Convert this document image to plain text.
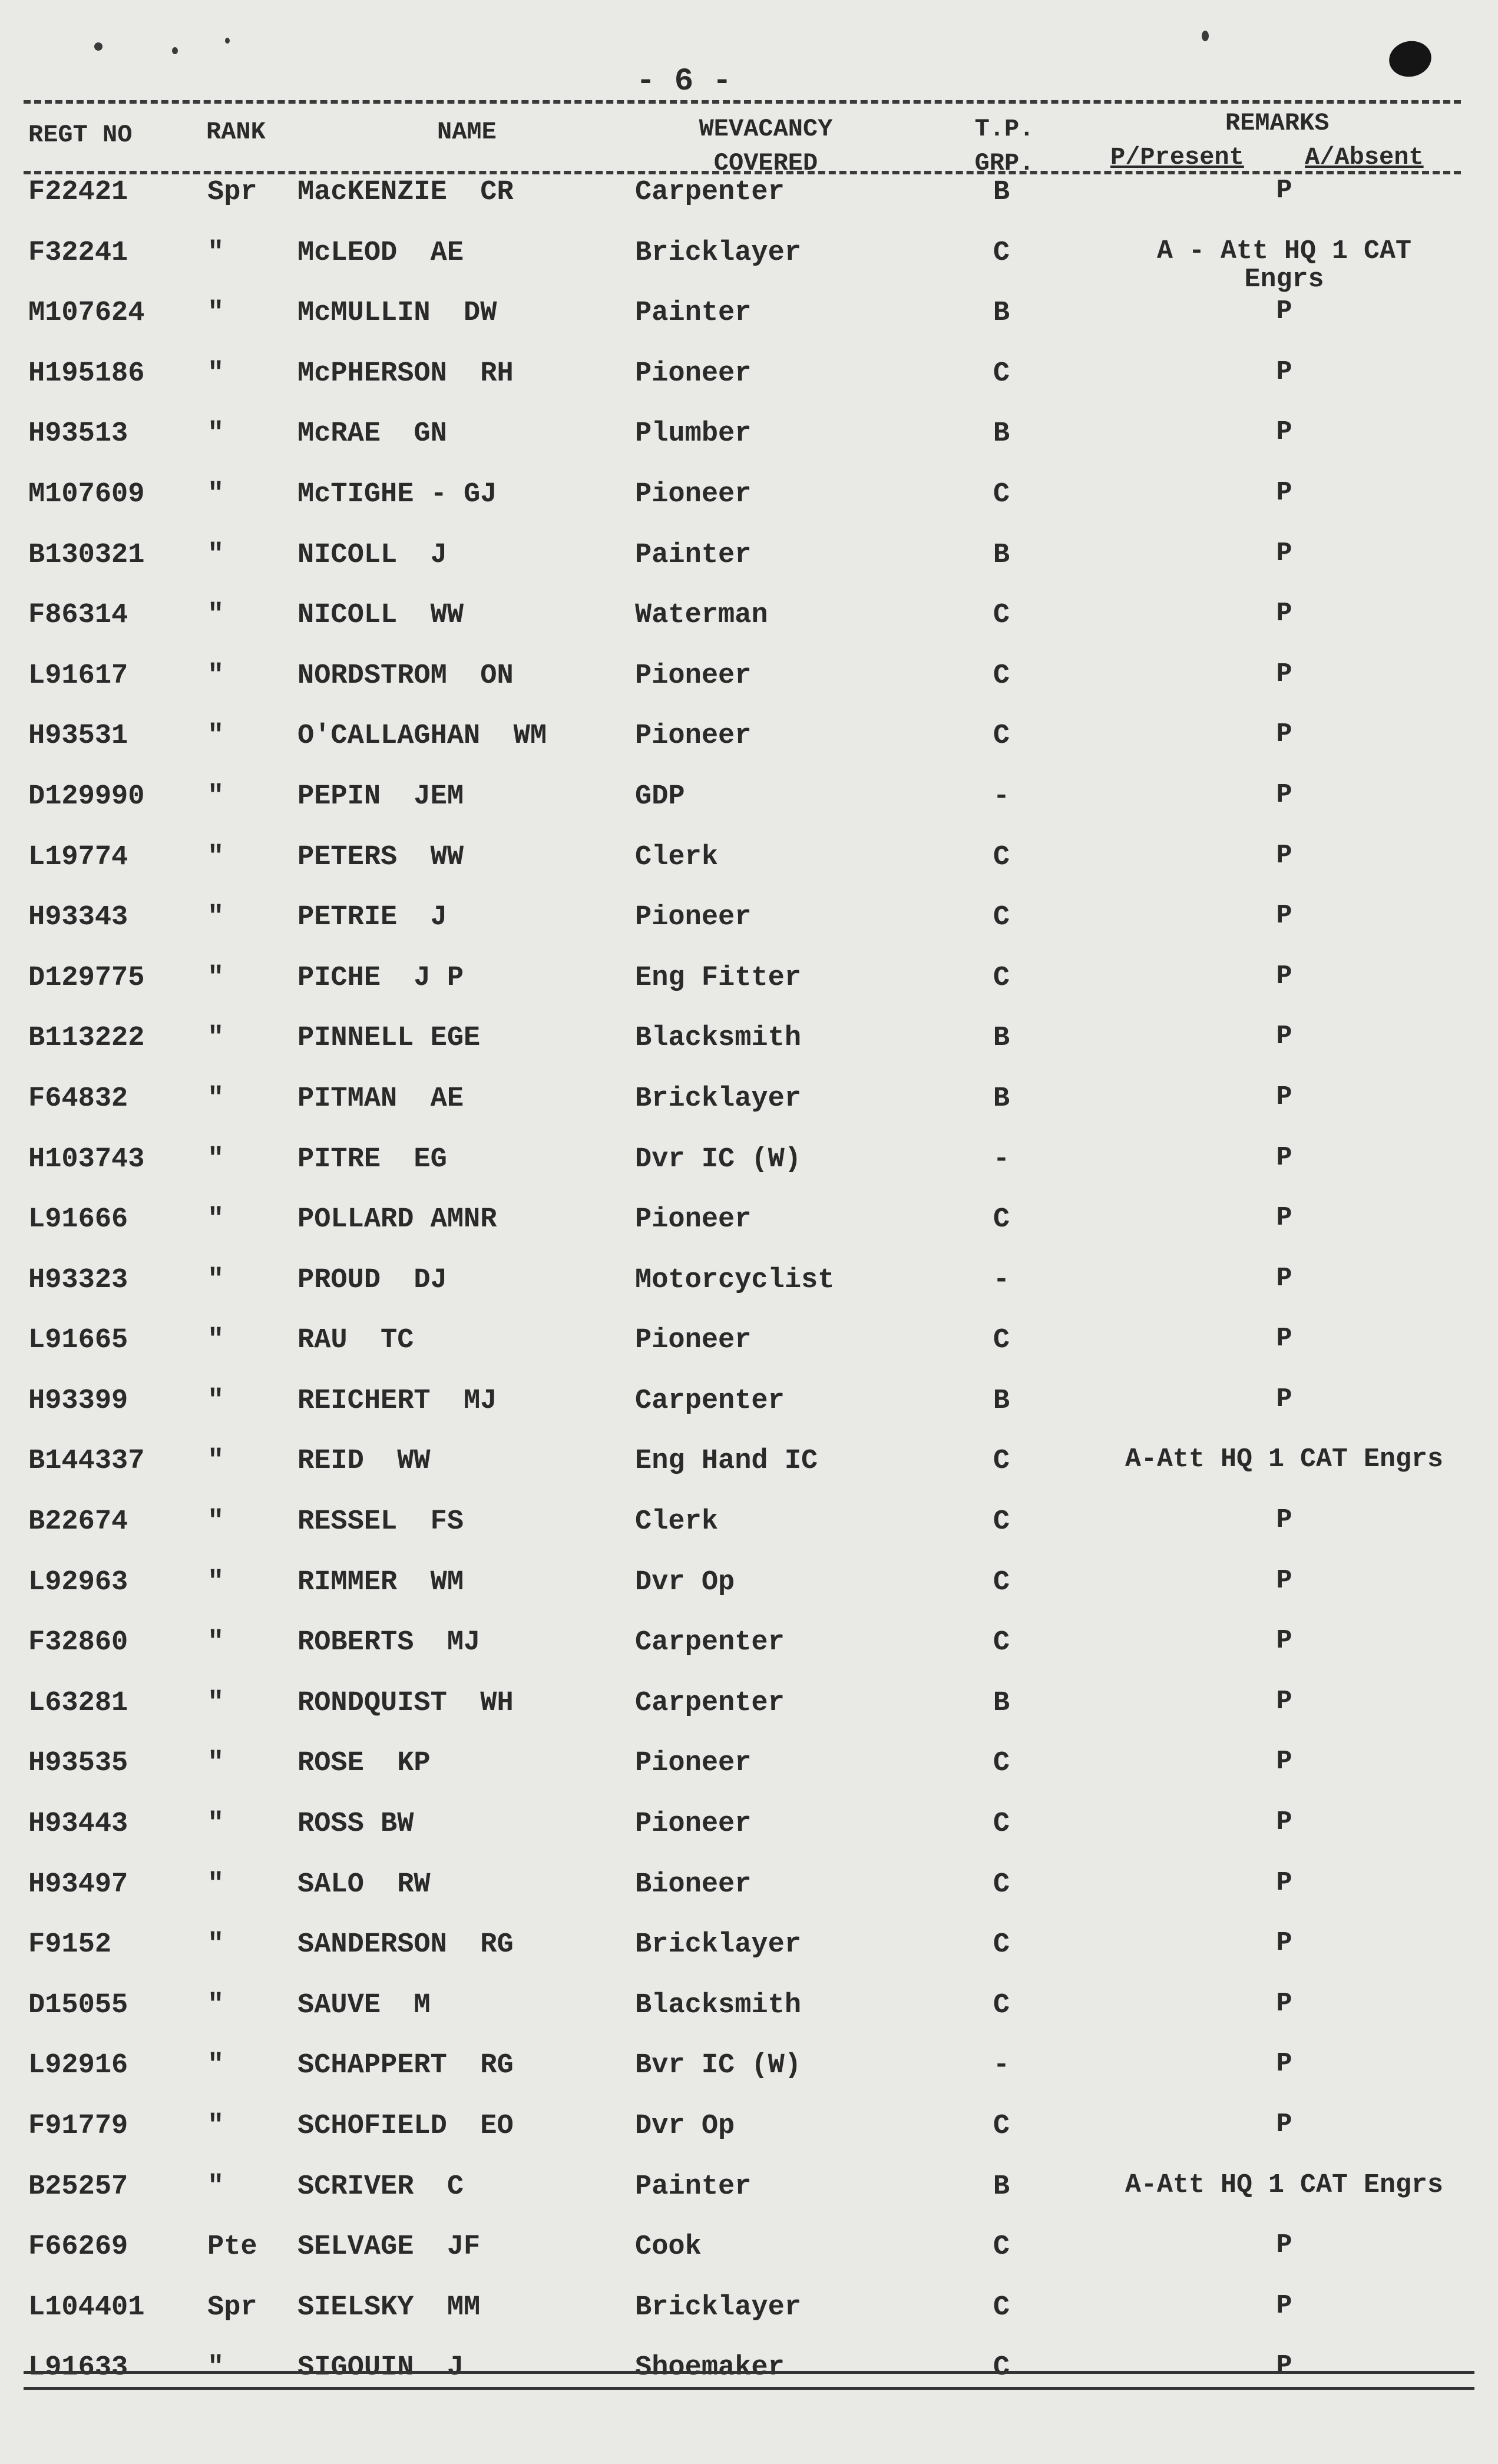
- 6 -
REGT NO	RANK	NAME	WEVACANCY
COVERED
T.P.
GRP.
REMARKS
P/Present A/Absent
F22421	Spr MacKENZIE  CR	Carpenter	B	P
F32241	"	McLEOD  AE	Bricklayer	C	A - Att HQ 1 CAT
Engrs
M107624 "	McMULLIN  DW	Painter	B	P
H195186 "	McPHERSON  RH	Pioneer	C	P
H93513	"	McRAE  GN	Plumber	B	P
M107609 "	McTIGHE - GJ	Pioneer	C	P
B130321 "	NICOLL  J	Painter	B	P
F86314	"	NICOLL  WW	Waterman	C	P
L91617	"	NORDSTROM  ON	Pioneer	C	P
H93531	"	O'CALLAGHAN  WM	Pioneer	C	P
D129990 "	PEPIN  JEM	GDP	-	P
L19774	"	PETERS  WW	Clerk	C	P
H93343	"	PETRIE  J	Pioneer	C	P
D129775 "	PICHE  J P	Eng Fitter	C	P
B113222 "	PINNELL EGE	Blacksmith	B	P
F64832	"	PITMAN  AE	Bricklayer	B	P
H103743 "	PITRE  EG	Dvr IC (W)	-	P
L91666	"	POLLARD AMNR	Pioneer	C	P
H93323	"	PROUD  DJ	Motorcyclist	-	P
L91665	"	RAU  TC	Pioneer	C	P
H93399	"	REICHERT  MJ	Carpenter	B	P
B144337 "	REID  WW	Eng Hand IC	C	A-Att HQ 1 CAT Engrs
B22674	"	RESSEL  FS	Clerk	C	P
L92963	"	RIMMER  WM	Dvr Op	C	P
F32860	"	ROBERTS  MJ	Carpenter	C	P
L63281	"	RONDQUIST  WH	Carpenter	B	P
H93535	"	ROSE  KP	Pioneer	C	P
H93443	"	ROSS BW	Pioneer	C	P
H93497	"	SALO  RW	Bioneer	C	P
F9152	"	SANDERSON  RG	Bricklayer	C	P
D15055	"	SAUVE  M	Blacksmith	C	P
L92916	"	SCHAPPERT  RG	Bvr IC (W)	-	P
F91779	"	SCHOFIELD  EO	Dvr Op	C	P
B25257	"	SCRIVER  C	Painter	B	A-Att HQ 1 CAT Engrs
F66269	Pte SELVAGE  JF	Cook	C	P
L104401 Spr SIELSKY  MM	Bricklayer	C	P
L91633	"	SIGOUIN  J	Shoemaker	C	P
